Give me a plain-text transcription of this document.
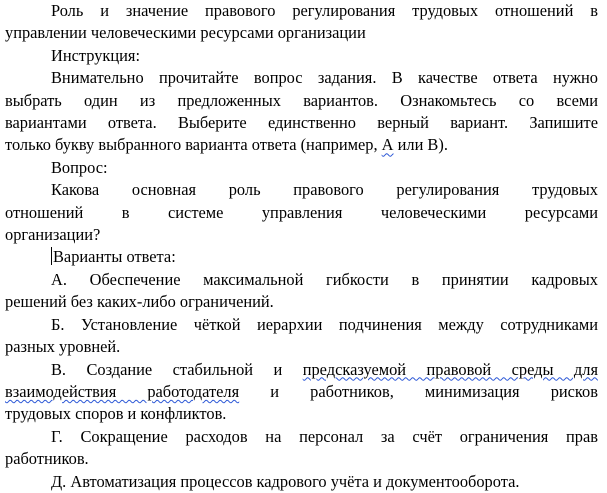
Роль и значение правового регулирования трудовых отношений в
управлении человеческими ресурсами организации

Инструкция:

Внимательно прочитайте вопрос задания. В качестве ответа нужно
выбрать один из предложенных вариантов. Ознакомьтесь со всеми
вариантами ответа. Выберите единственно верный вариант. Запишите
только букву выбранного варианта ответа (например, А или В).

Вопрос:

Какова основная роль правового регулирования трудовых
отношений в системе управления человеческими ресурсами
организации?

Варианты ответа:

А. Обеспечение максимальной гибкости в принятии кадровых
решений без каких-либо ограничений.

Б. Установление чёткой иерархии подчинения между сотрудниками
разных уровней.

В. Создание стабильной и предсказуемой правовой среды для
взаимодействия работодателя и работников, минимизация рисков
трудовых споров и конфликтов.

Г. Сокращение расходов на персонал за счёт ограничения прав
работников.

Д. Автоматизация процессов кадрового учёта и документооборота.
